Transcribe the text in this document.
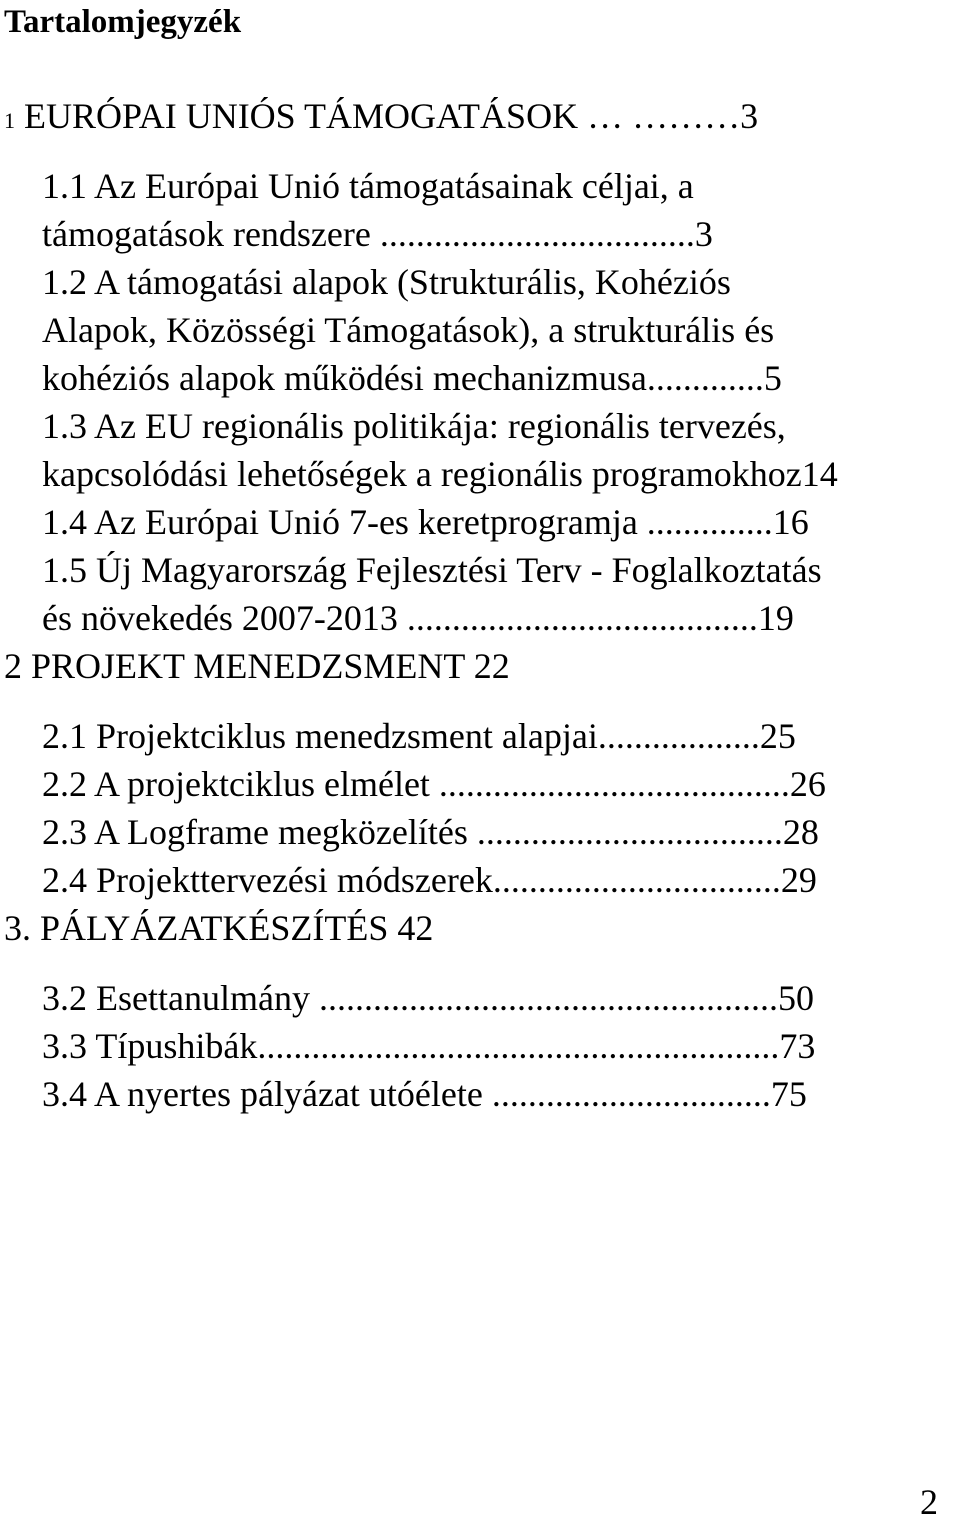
Tartalomjegyzék
1 EURÓPAI UNIÓS TÁMOGATÁSOK … ………3
1.1 Az Európai Unió támogatásainak céljai, a
támogatások rendszere ...................................3
1.2 A támogatási alapok (Strukturális, Kohéziós
Alapok, Közösségi Támogatások), a strukturális és
kohéziós alapok működési mechanizmusa.............5
1.3 Az EU regionális politikája: regionális tervezés,
kapcsolódási lehetőségek a regionális programokhoz14
1.4 Az Európai Unió 7-es keretprogramja ..............16
1.5 Új Magyarország Fejlesztési Terv - Foglalkoztatás
és növekedés 2007-2013 .......................................19
2 PROJEKT MENEDZSMENT 22
2.1 Projektciklus menedzsment alapjai..................25
2.2 A projektciklus elmélet .......................................26
2.3 A Logframe megközelítés ..................................28
2.4 Projekttervezési módszerek................................29
3. PÁLYÁZATKÉSZÍTÉS 42
3.2 Esettanulmány ...................................................50
3.3 Típushibák..........................................................73
3.4 A nyertes pályázat utóélete ...............................75
2
